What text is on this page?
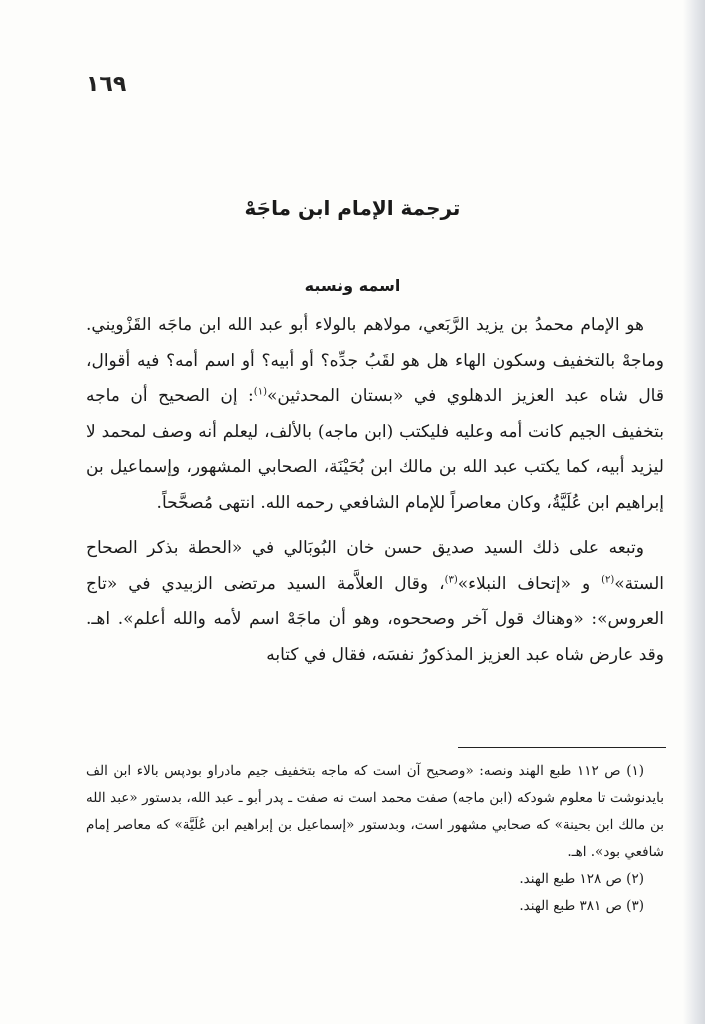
١٦٩
ترجمة الإمام ابن ماجَهْ
اسمه ونسبه

هو الإمام محمدُ بن يزيد الرَّبَعي، مولاهم بالولاء أبو عبد الله ابن ماجَه القَزْويني. وماجهْ بالتخفيف وسكون الهاء هل هو لقَبُ جدِّه؟ أو أبيه؟ أو اسم أمه؟ فيه أقوال، قال شاه عبد العزيز الدهلوي في «بستان المحدثين»$^{(١)}$: إن الصحيح أن ماجه بتخفيف الجيم كانت أمه وعليه فليكتب (ابن ماجه) بالألف، ليعلم أنه وصف لمحمد لا ليزيد أبيه، كما يكتب عبد الله بن مالك ابن بُحَيْنَة، الصحابي المشهور، وإسماعيل بن إبراهيم ابن عُلَيَّةُ، وكان معاصراً للإمام الشافعي رحمه الله. انتهى مُصحَّحاً.

وتبعه على ذلك السيد صديق حسن خان البُوبَالي في «الحطة بذكر الصحاح الستة»$^{(٢)}$ و «إتحاف النبلاء»$^{(٣)}$، وقال العلاَّمة السيد مرتضى الزبيدي في «تاج العروس»: «وهناك قول آخر وصححوه، وهو أن ماجَهْ اسم لأمه والله أعلم». اهـ. وقد عارض شاه عبد العزيز المذكورُ نفسَه، فقال في كتابه

(١) ص ١١٢ طبع الهند ونصه: «وصحيح آن است كه ماجه بتخفيف جيم مادراو بودپس بالاء ابن الف بايدنوشت تا معلوم شودكه (ابن ماجه) صفت محمد است نه صفت ـ پدر أبو ـ عبد الله، بدستور «عبد الله بن مالك ابن بحينة» كه صحابي مشهور است، وبدستور «إسماعيل بن إبراهيم ابن عُلَيَّة» كه معاصر إمام شافعي بود». اهـ.

(٢) ص ١٢٨ طبع الهند.

(٣) ص ٣٨١ طبع الهند.
